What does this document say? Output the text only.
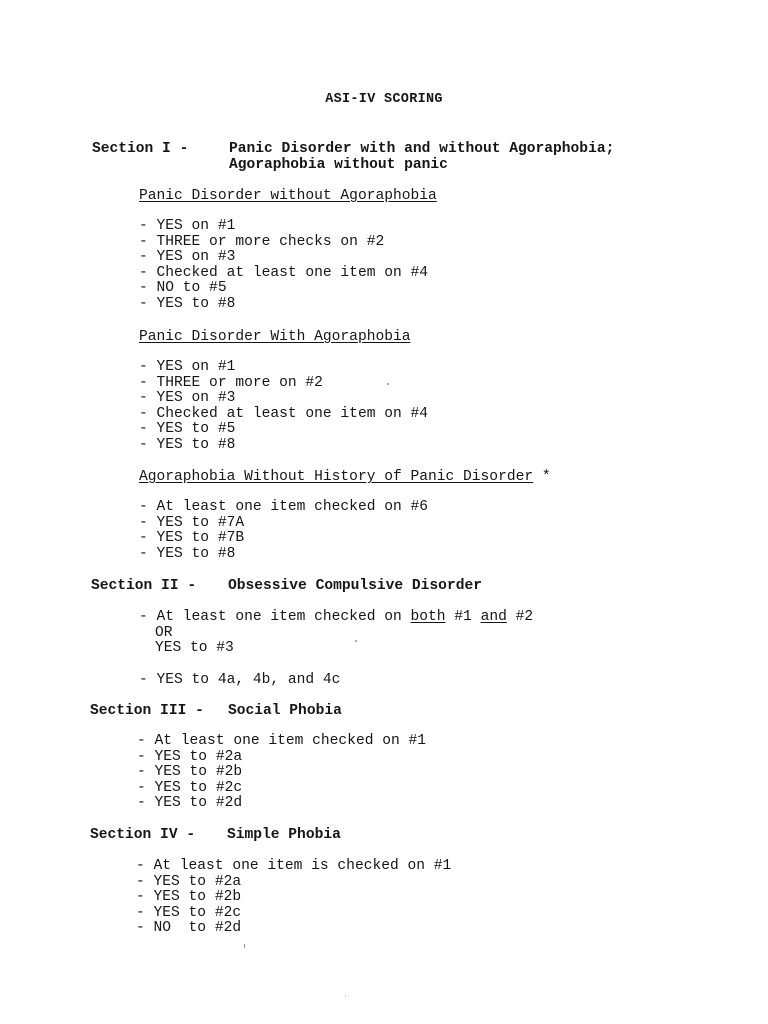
ASI-IV SCORING
Section I -	Panic Disorder with and without Agoraphobia;
Agoraphobia without panic
Panic Disorder without Agoraphobia
- YES on #1
- THREE or more checks on #2
- YES on #3
- Checked at least one item on #4
- NO to #5
- YES to #8
Panic Disorder With Agoraphobia
- YES on #1
- THREE or more on #2
- YES on #3
- Checked at least one item on #4
- YES to #5
- YES to #8
Agoraphobia Without History of Panic Disorder *
- At least one item checked on #6
- YES to #7A
- YES to #7B
- YES to #8
Section II - Obsessive Compulsive Disorder
- At least one item checked on both #1 and #2
OR
YES to #3
- YES to 4a, 4b, and 4c
Section III - Social Phobia
- At least one item checked on #1
- YES to #2a
- YES to #2b
- YES to #2c
- YES to #2d
Section IV - Simple Phobia
- At least one item is checked on #1
- YES to #2a
- YES to #2b
- YES to #2c
- NO  to #2d
